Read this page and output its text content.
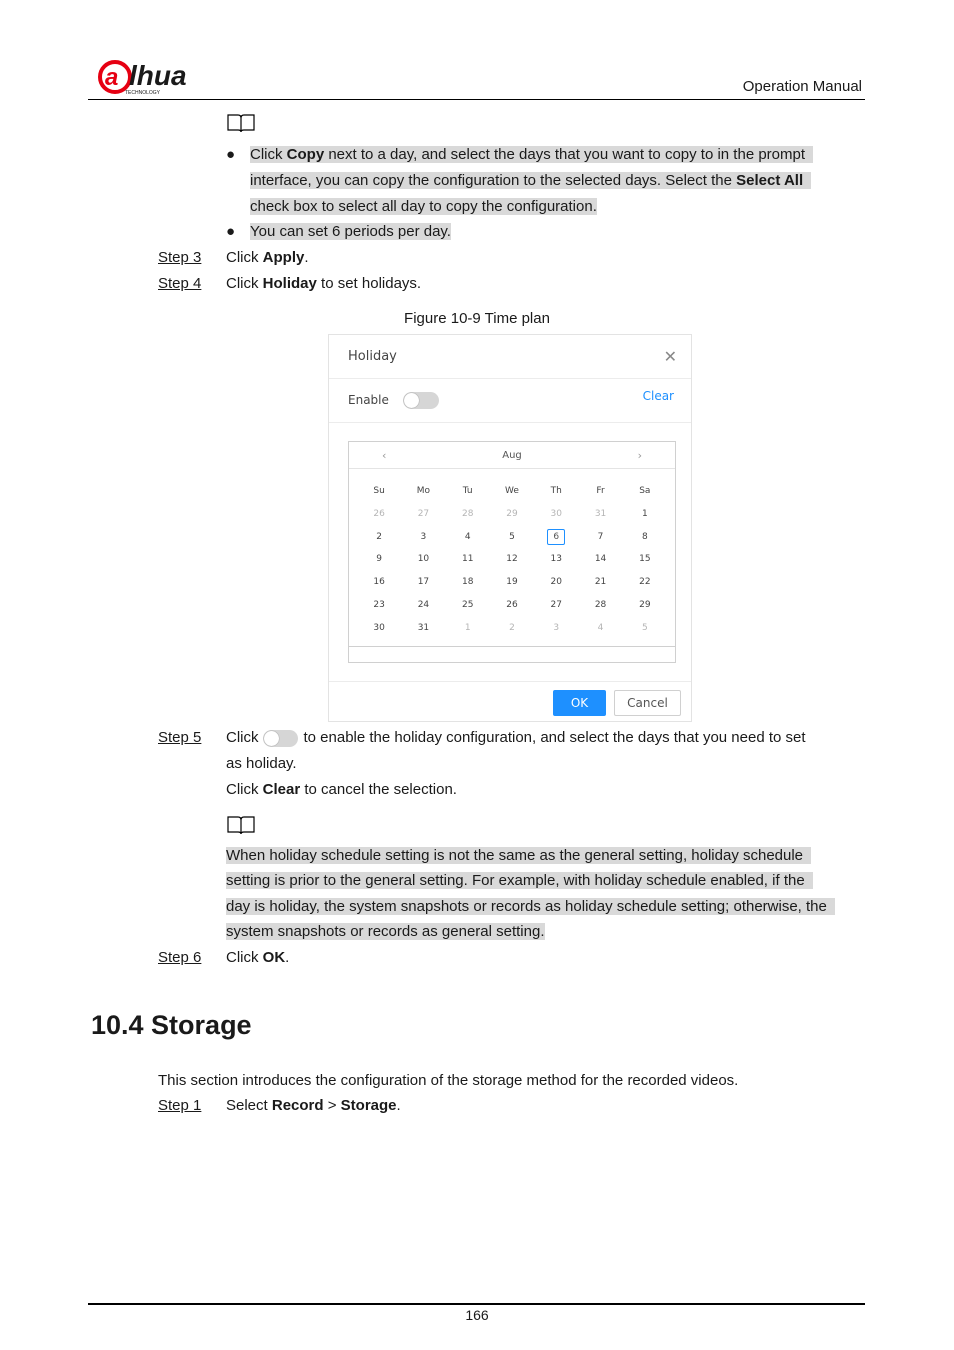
a lhua
TECHNOLOGY	Operation Manual
● Click Copy next to a day, and select the days that you want to copy to in the prompt
interface, you can copy the configuration to the selected days. Select the Select All
check box to select all day to copy the configuration.
● You can set 6 periods per day.
Step 3 Click Apply.
Step 4 Click Holiday to set holidays.
Figure 10-9 Time plan
Holiday	✕
Enable	Clear
‹	Aug	›
Su	Mo	Tu	We	Th	Fr	Sa
26	27	28	29	30	31	1
2	3	4	5	6	7	8
9	10	11	12	13	14	15
16	17	18	19	20	21	22
23	24	25	26	27	28	29
30	31	1	2	3	4	5
OK	Cancel
Step 5 Click	to enable the holiday configuration, and select the days that you need to set
as holiday.
Click Clear to cancel the selection.
When holiday schedule setting is not the same as the general setting, holiday schedule
setting is prior to the general setting. For example, with holiday schedule enabled, if the
day is holiday, the system snapshots or records as holiday schedule setting; otherwise, the
system snapshots or records as general setting.
Step 6 Click OK.
10.4 Storage
This section introduces the configuration of the storage method for the recorded videos.
Step 1 Select Record > Storage.
166
